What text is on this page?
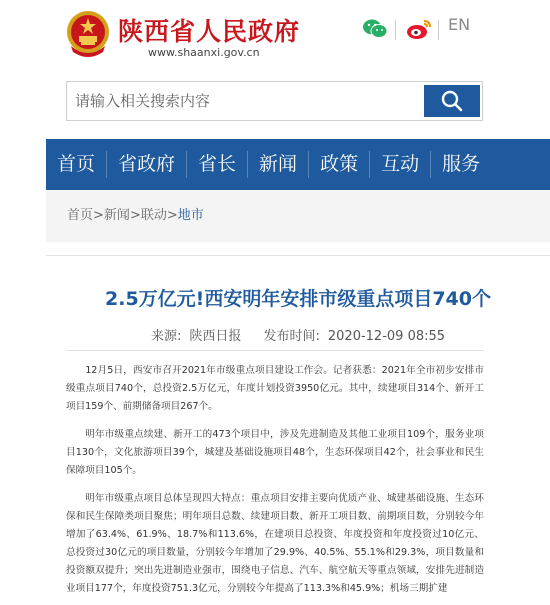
陕西省人民政府
www.shaanxi.gov.cn
EN
请输入相关搜索内容
首页	省政府	省长	新闻	政策	互动	服务
首页>新闻>联动>地市
2.5万亿元!西安明年安排市级重点项目740个
来源: 陕西日报 发布时间: 2020-12-09 08:55

12月5日，西安市召开2021年市级重点项目建设工作会。记者获悉：2021年全市初步安排市级重点项目740个，总投资2.5万亿元，年度计划投资3950亿元。其中，续建项目314个、新开工项目159个、前期储备项目267个。

明年市级重点续建、新开工的473个项目中，涉及先进制造及其他工业项目109个，服务业项目130个，文化旅游项目39个，城建及基础设施项目48个，生态环保项目42个，社会事业和民生保障项目105个。

明年市级重点项目总体呈现四大特点：重点项目安排主要向优质产业、城建基础设施、生态环保和民生保障类项目聚焦；明年项目总数、续建项目数、新开工项目数、前期项目数，分别较今年增加了63.4%、61.9%、18.7%和113.6%，在建项目总投资、年度投资和年度投资过10亿元、总投资过30亿元的项目数量，分别较今年增加了29.9%、40.5%、55.1%和29.3%，项目数量和投资额双提升；突出先进制造业强市，围绕电子信息、汽车、航空航天等重点领域，安排先进制造业项目177个，年度投资751.3亿元，分别较今年提高了113.3%和45.9%；机场三期扩建
